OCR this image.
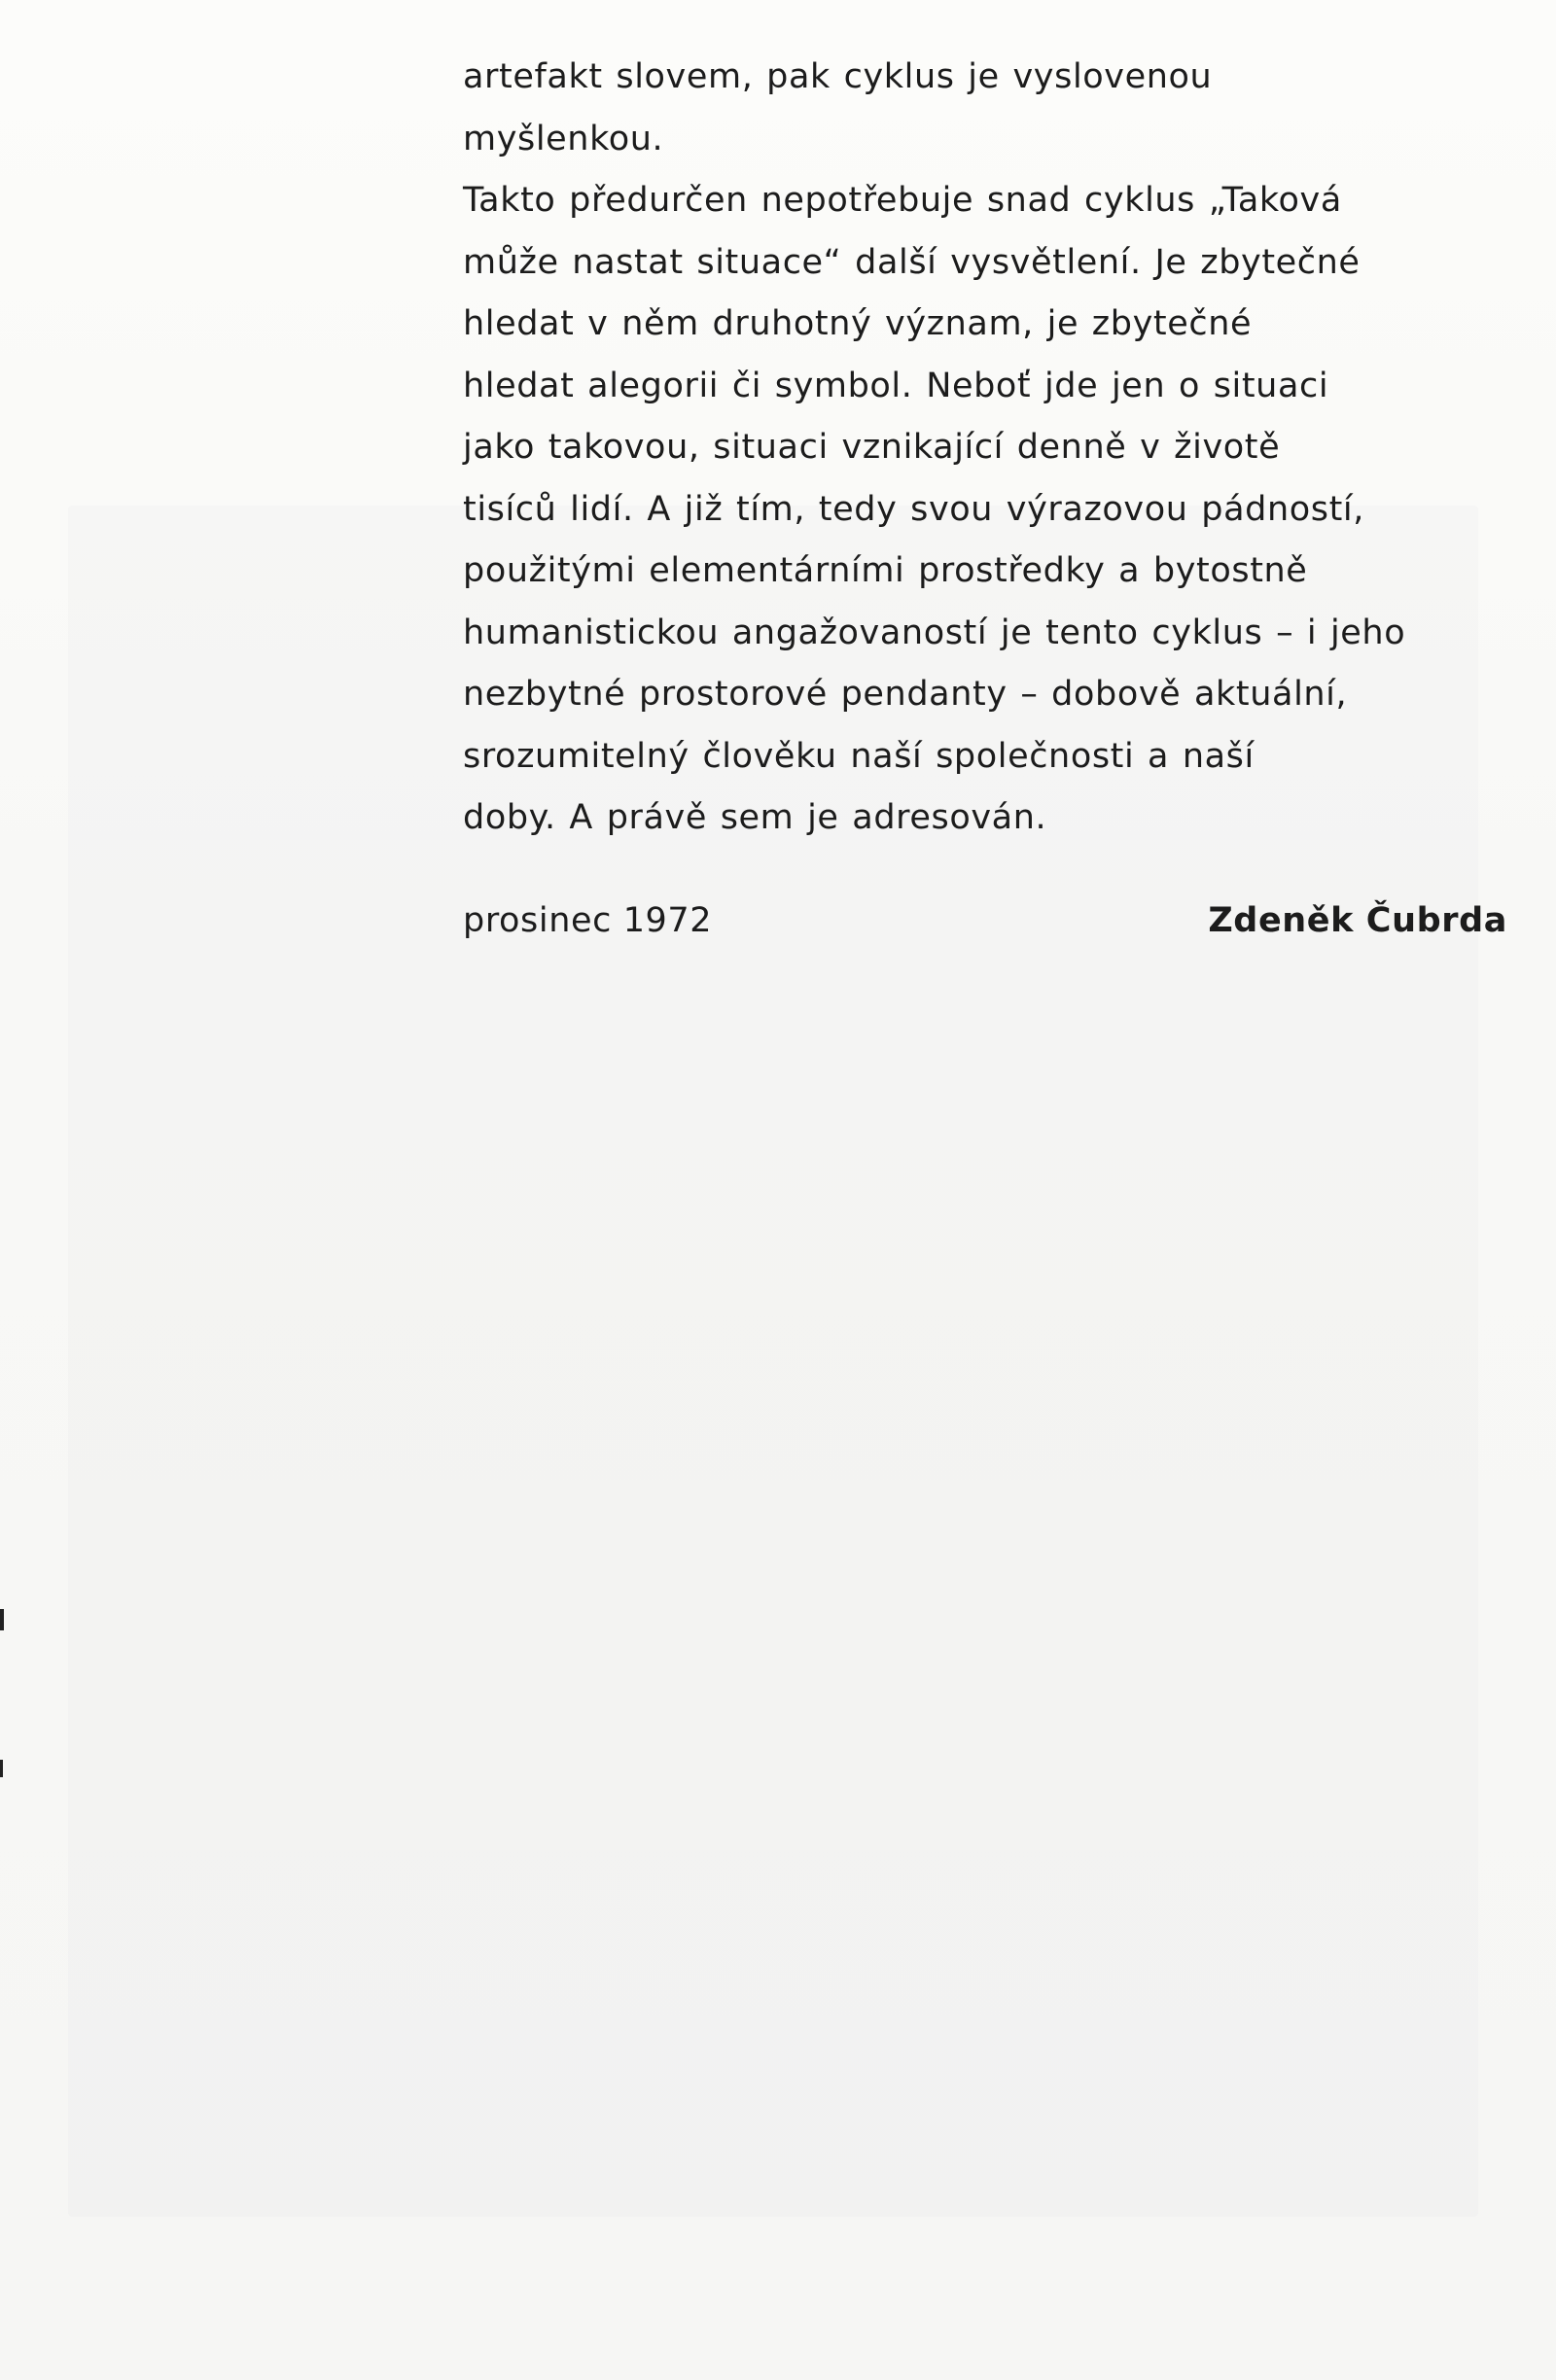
artefakt slovem, pak cyklus je vyslovenou
myšlenkou.
Takto předurčen nepotřebuje snad cyklus „Taková
může nastat situace“ další vysvětlení. Je zbytečné
hledat v něm druhotný význam, je zbytečné
hledat alegorii či symbol. Neboť jde jen o situaci
jako takovou, situaci vznikající denně v životě
tisíců lidí. A již tím, tedy svou výrazovou pádností,
použitými elementárními prostředky a bytostně
humanistickou angažovaností je tento cyklus – i jeho
nezbytné prostorové pendanty – dobově aktuální,
srozumitelný člověku naší společnosti a naší
doby. A právě sem je adresován.
prosinec 1972	Zdeněk Čubrda
